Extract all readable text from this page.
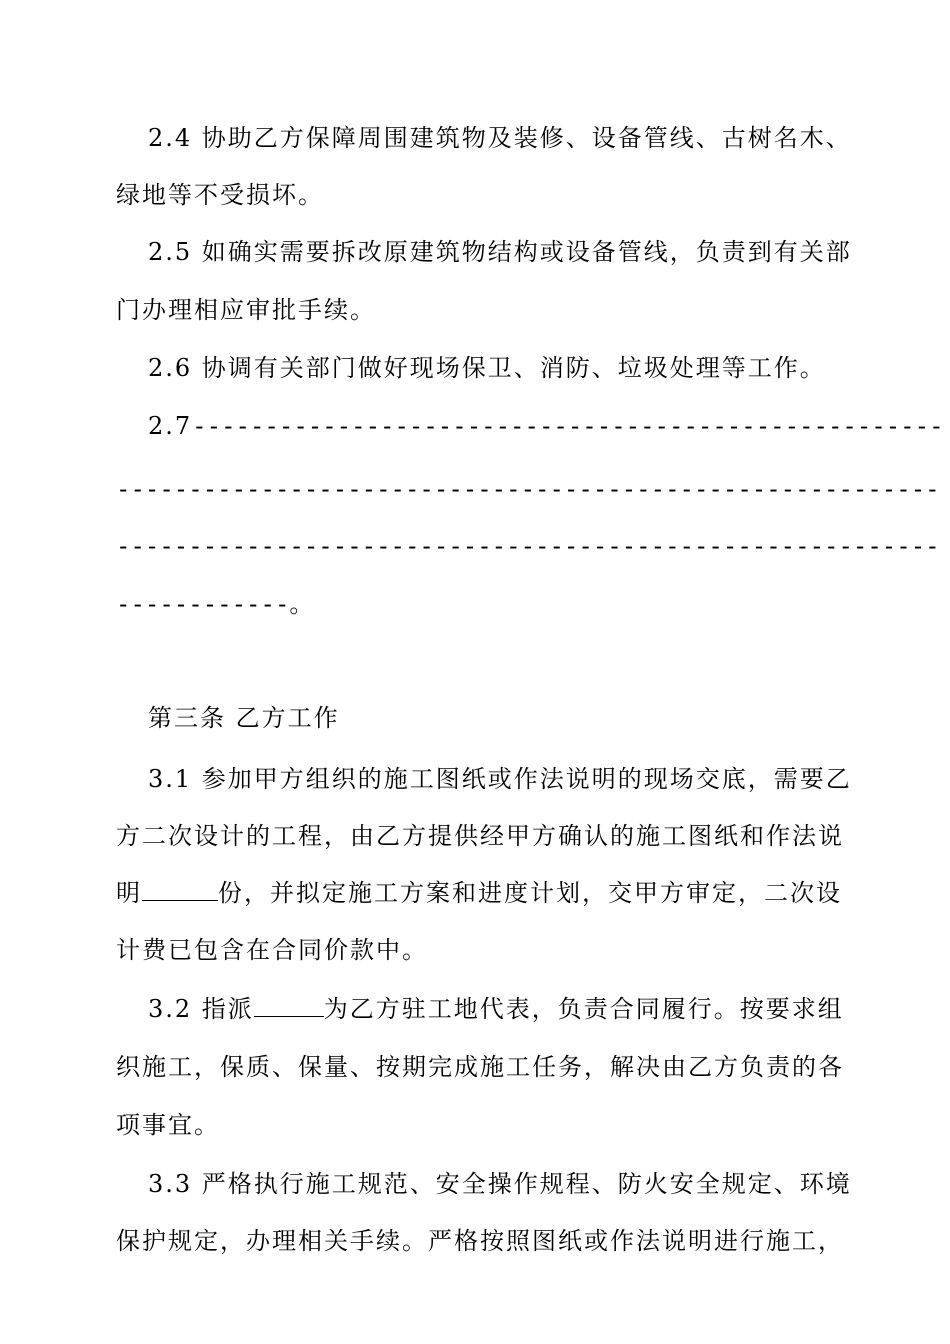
2.4 协助乙方保障周围建筑物及装修、设备管线、古树名木、
绿地等不受损坏。
2.5 如确实需要拆改原建筑物结构或设备管线，负责到有关部
门办理相应审批手续。
2.6 协调有关部门做好现场保卫、消防、垃圾处理等工作。
2.7----------------------------------------------------
---------------------------------------------------------
---------------------------------------------------------
------------。
第三条 乙方工作
3.1 参加甲方组织的施工图纸或作法说明的现场交底，需要乙
方二次设计的工程，由乙方提供经甲方确认的施工图纸和作法说
明	份，并拟定施工方案和进度计划，交甲方审定，二次设
计费已包含在合同价款中。
3.2 指派	为乙方驻工地代表，负责合同履行。按要求组
织施工，保质、保量、按期完成施工任务，解决由乙方负责的各
项事宜。
3.3 严格执行施工规范、安全操作规程、防火安全规定、环境
保护规定，办理相关手续。严格按照图纸或作法说明进行施工，
